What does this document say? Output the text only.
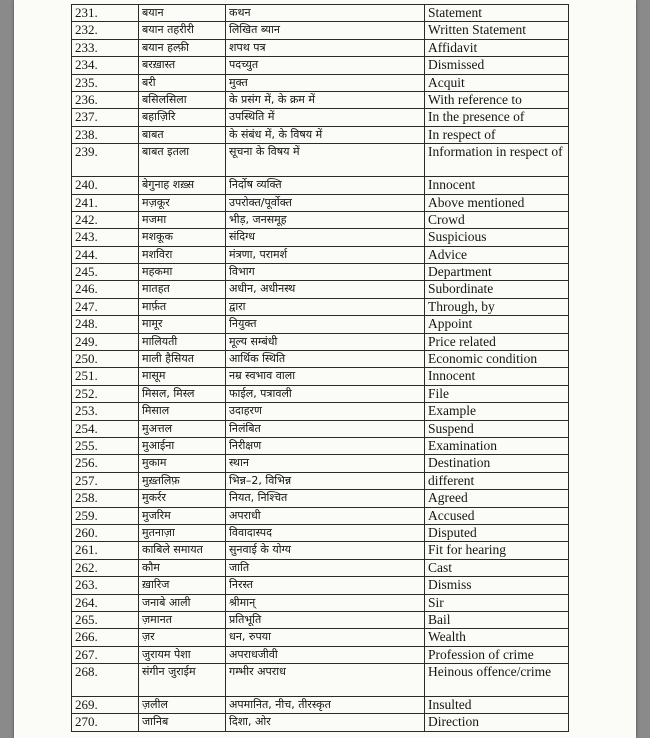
231.	बयान	कथन	Statement
232.	बयान तहरीरी	लिखित ब्यान	Written Statement
233.	बयान हल्फ़ी	शपथ पत्र	Affidavit
234.	बरख़ास्त	पदच्युत	Dismissed
235.	बरी	मुक्त	Acquit
236.	बसिलसिला	के प्रसंग में, के क्रम में	With reference to
237.	बहाज़िरि	उपस्थिति में	In the presence of
238.	बाबत	के संबंध में, के विषय में	In respect of
239.	बाबत इतला	सूचना के विषय में	Information in respect of
240.	बेगुनाह शख़्स	निर्दोष व्यक्ति	Innocent
241.	मज़कूर	उपरोक्त/पूर्वोक्त	Above mentioned
242.	मजमा	भीड़, जनसमूह	Crowd
243.	मशकूक	संदिग्ध	Suspicious
244.	मशविरा	मंत्रणा, परामर्श	Advice
245.	महकमा	विभाग	Department
246.	मातहत	अधीन, अधीनस्थ	Subordinate
247.	मार्फ़त	द्वारा	Through, by
248.	मामूर	नियुक्त	Appoint
249.	मालियती	मूल्य सम्बंधी	Price related
250.	माली हैसियत	आर्थिक स्थिति	Economic condition
251.	मासूम	नम्र स्वभाव वाला	Innocent
252.	मिसल, मिस्ल	फाईल, पत्रावली	File
253.	मिसाल	उदाहरण	Example
254.	मुअत्तल	निलंबित	Suspend
255.	मुआईना	निरीक्षण	Examination
256.	मुकाम	स्थान	Destination
257.	मुख़्तलिफ़	भिन्न–2, विभिन्न	different
258.	मुकर्रर	नियत, निश्चित	Agreed
259.	मुजरिम	अपराधी	Accused
260.	मुतनाज़ा	विवादास्पद	Disputed
261.	काबिले समायत	सुनवाई के योग्य	Fit for hearing
262.	कौम	जाति	Cast
263.	ख़ारिज	निरस्त	Dismiss
264.	जनाबे आली	श्रीमान्	Sir
265.	ज़मानत	प्रतिभूति	Bail
266.	ज़र	धन, रुपया	Wealth
267.	जुरायम पेशा	अपराधजीवी	Profession of crime
268.	संगीन जुराईम	गम्भीर अपराध	Heinous offence/crime
269.	ज़लील	अपमानित, नीच, तीरस्कृत	Insulted
270.	जानिब	दिशा, ओर	Direction
